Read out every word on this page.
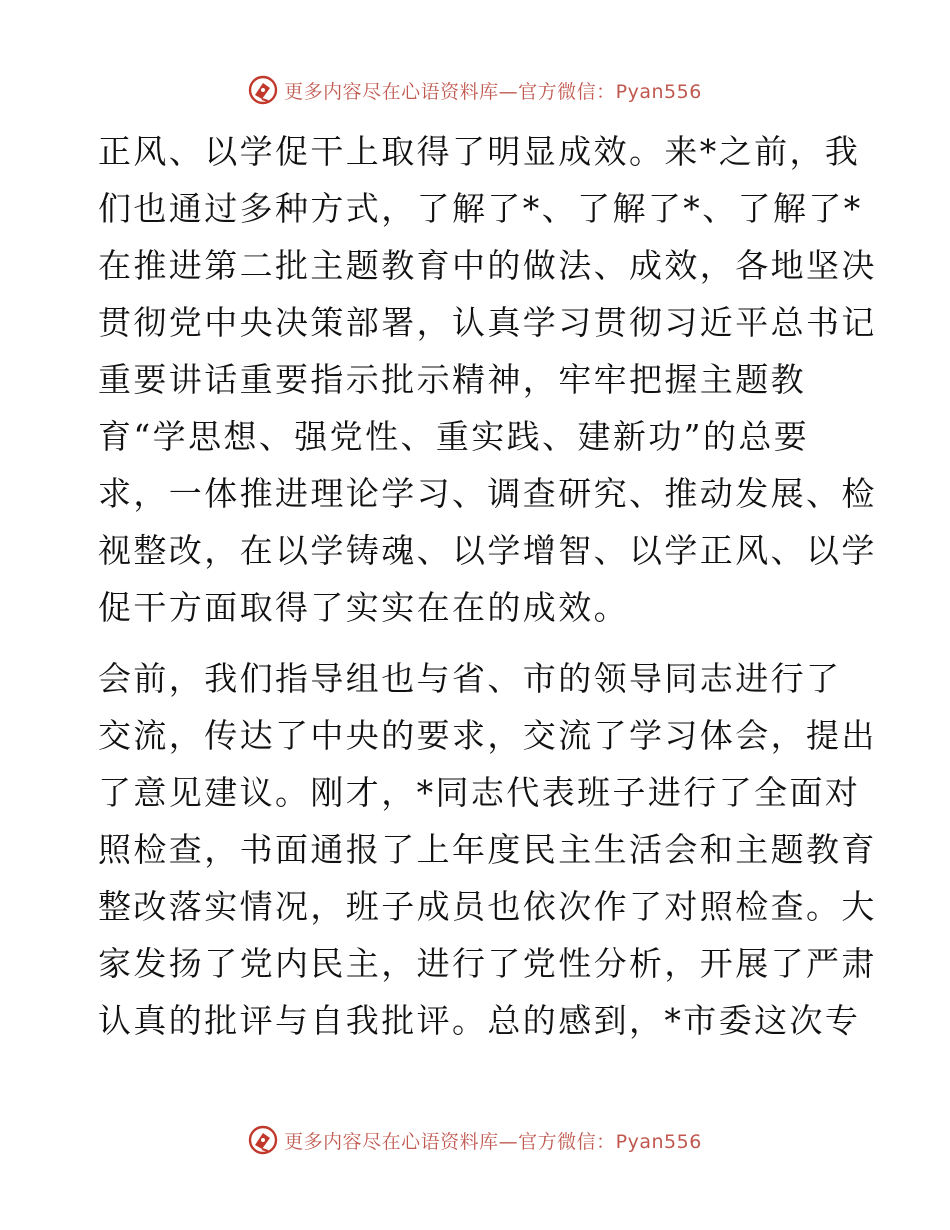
更多内容尽在心语资料库—官方微信：Pyan556
正风、以学促干上取得了明显成效。来*之前，我
们也通过多种方式，了解了*、了解了*、了解了*
在推进第二批主题教育中的做法、成效，各地坚决
贯彻党中央决策部署，认真学习贯彻习近平总书记
重要讲话重要指示批示精神，牢牢把握主题教
育“学思想、强党性、重实践、建新功”的总要
求，一体推进理论学习、调查研究、推动发展、检
视整改，在以学铸魂、以学增智、以学正风、以学
促干方面取得了实实在在的成效。
会前，我们指导组也与省、市的领导同志进行了
交流，传达了中央的要求，交流了学习体会，提出
了意见建议。刚才，*同志代表班子进行了全面对
照检查，书面通报了上年度民主生活会和主题教育
整改落实情况，班子成员也依次作了对照检查。大
家发扬了党内民主，进行了党性分析，开展了严肃
认真的批评与自我批评。总的感到，*市委这次专
更多内容尽在心语资料库—官方微信：Pyan556
